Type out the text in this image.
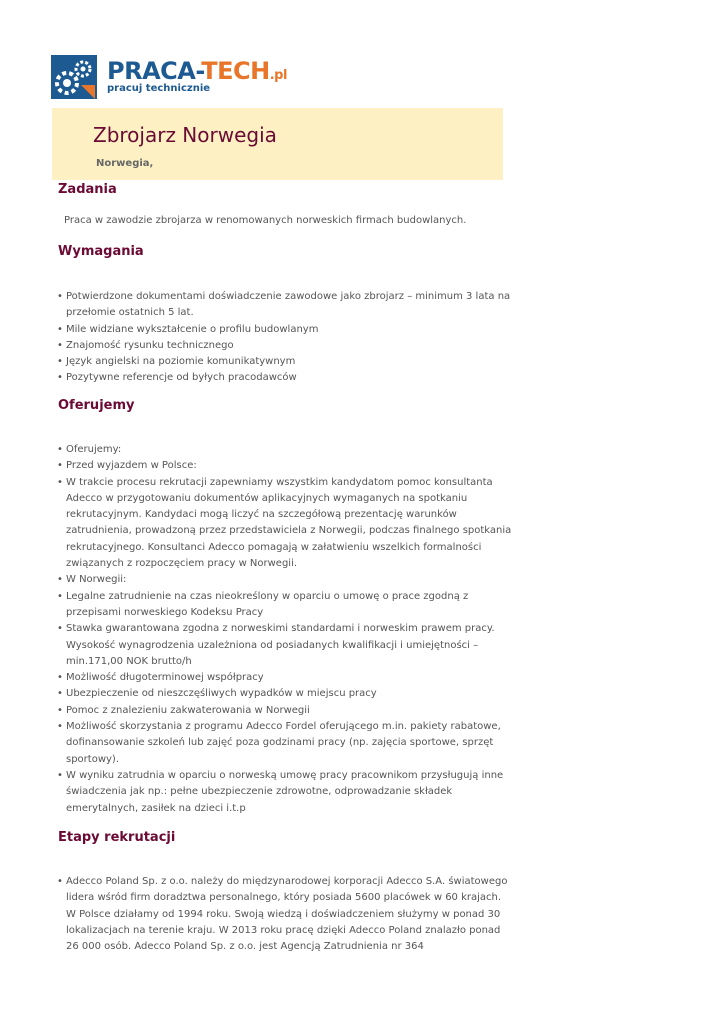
PRACA-TECH.pl
pracuj technicznie
Zbrojarz Norwegia
Norwegia,
Zadania
Praca w zawodzie zbrojarza w renomowanych norweskich firmach budowlanych.
Wymagania
• Potwierdzone dokumentami doświadczenie zawodowe jako zbrojarz – minimum 3 lata na przełomie ostatnich 5 lat.
• Mile widziane wykształcenie o profilu budowlanym
• Znajomość rysunku technicznego
• Język angielski na poziomie komunikatywnym
• Pozytywne referencje od byłych pracodawców
Oferujemy
• Oferujemy:
• Przed wyjazdem w Polsce:
• W trakcie procesu rekrutacji zapewniamy wszystkim kandydatom pomoc konsultanta Adecco w przygotowaniu dokumentów aplikacyjnych wymaganych na spotkaniu rekrutacyjnym. Kandydaci mogą liczyć na szczegółową prezentację warunków zatrudnienia, prowadzoną przez przedstawiciela z Norwegii, podczas finalnego spotkania rekrutacyjnego. Konsultanci Adecco pomagają w załatwieniu wszelkich formalności związanych z rozpoczęciem pracy w Norwegii.
• W Norwegii:
• Legalne zatrudnienie na czas nieokreślony w oparciu o umowę o prace zgodną z przepisami norweskiego Kodeksu Pracy
• Stawka gwarantowana zgodna z norweskimi standardami i norweskim prawem pracy. Wysokość wynagrodzenia uzależniona od posiadanych kwalifikacji i umiejętności – min.171,00 NOK brutto/h
• Możliwość długoterminowej współpracy
• Ubezpieczenie od nieszczęśliwych wypadków w miejscu pracy
• Pomoc z znalezieniu zakwaterowania w Norwegii
• Możliwość skorzystania z programu Adecco Fordel oferującego m.in. pakiety rabatowe, dofinansowanie szkoleń lub zajęć poza godzinami pracy (np. zajęcia sportowe, sprzęt sportowy).
• W wyniku zatrudnia w oparciu o norweską umowę pracy pracownikom przysługują inne świadczenia jak np.: pełne ubezpieczenie zdrowotne, odprowadzanie składek emerytalnych, zasiłek na dzieci i.t.p
Etapy rekrutacji
• Adecco Poland Sp. z o.o. należy do międzynarodowej korporacji Adecco S.A. światowego lidera wśród firm doradztwa personalnego, który posiada 5600 placówek w 60 krajach. W Polsce działamy od 1994 roku. Swoją wiedzą i doświadczeniem służymy w ponad 30 lokalizacjach na terenie kraju. W 2013 roku pracę dzięki Adecco Poland znalazło ponad 26 000 osób. Adecco Poland Sp. z o.o. jest Agencją Zatrudnienia nr 364
